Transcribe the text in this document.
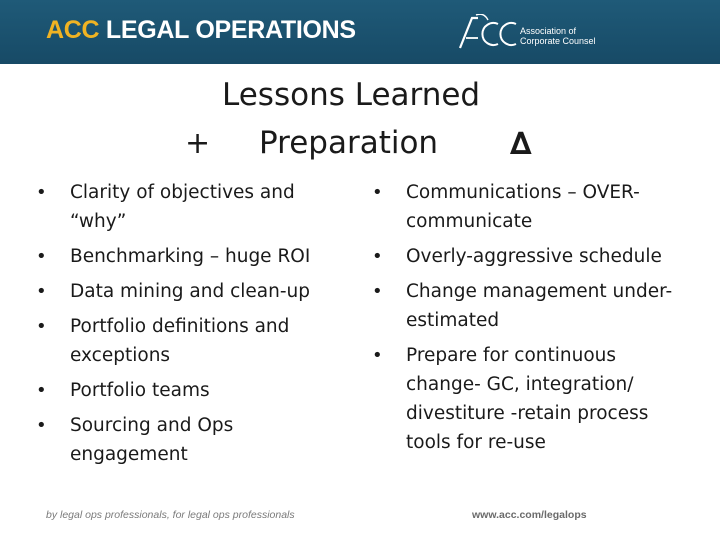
ACC LEGAL OPERATIONS	Association of
Corporate Counsel
Lessons Learned
+ Preparation ∆
• Clarity of objectives and “why”
• Benchmarking – huge ROI
• Data mining and clean-up
• Portfolio definitions and exceptions
• Portfolio teams
• Sourcing and Ops engagement
• Communications – OVER-communicate
• Overly-aggressive schedule
• Change management under-estimated
• Prepare for continuous change- GC, integration/ divestiture -retain process tools for re-use
by legal ops professionals, for legal ops professionals	www.acc.com/legalops
